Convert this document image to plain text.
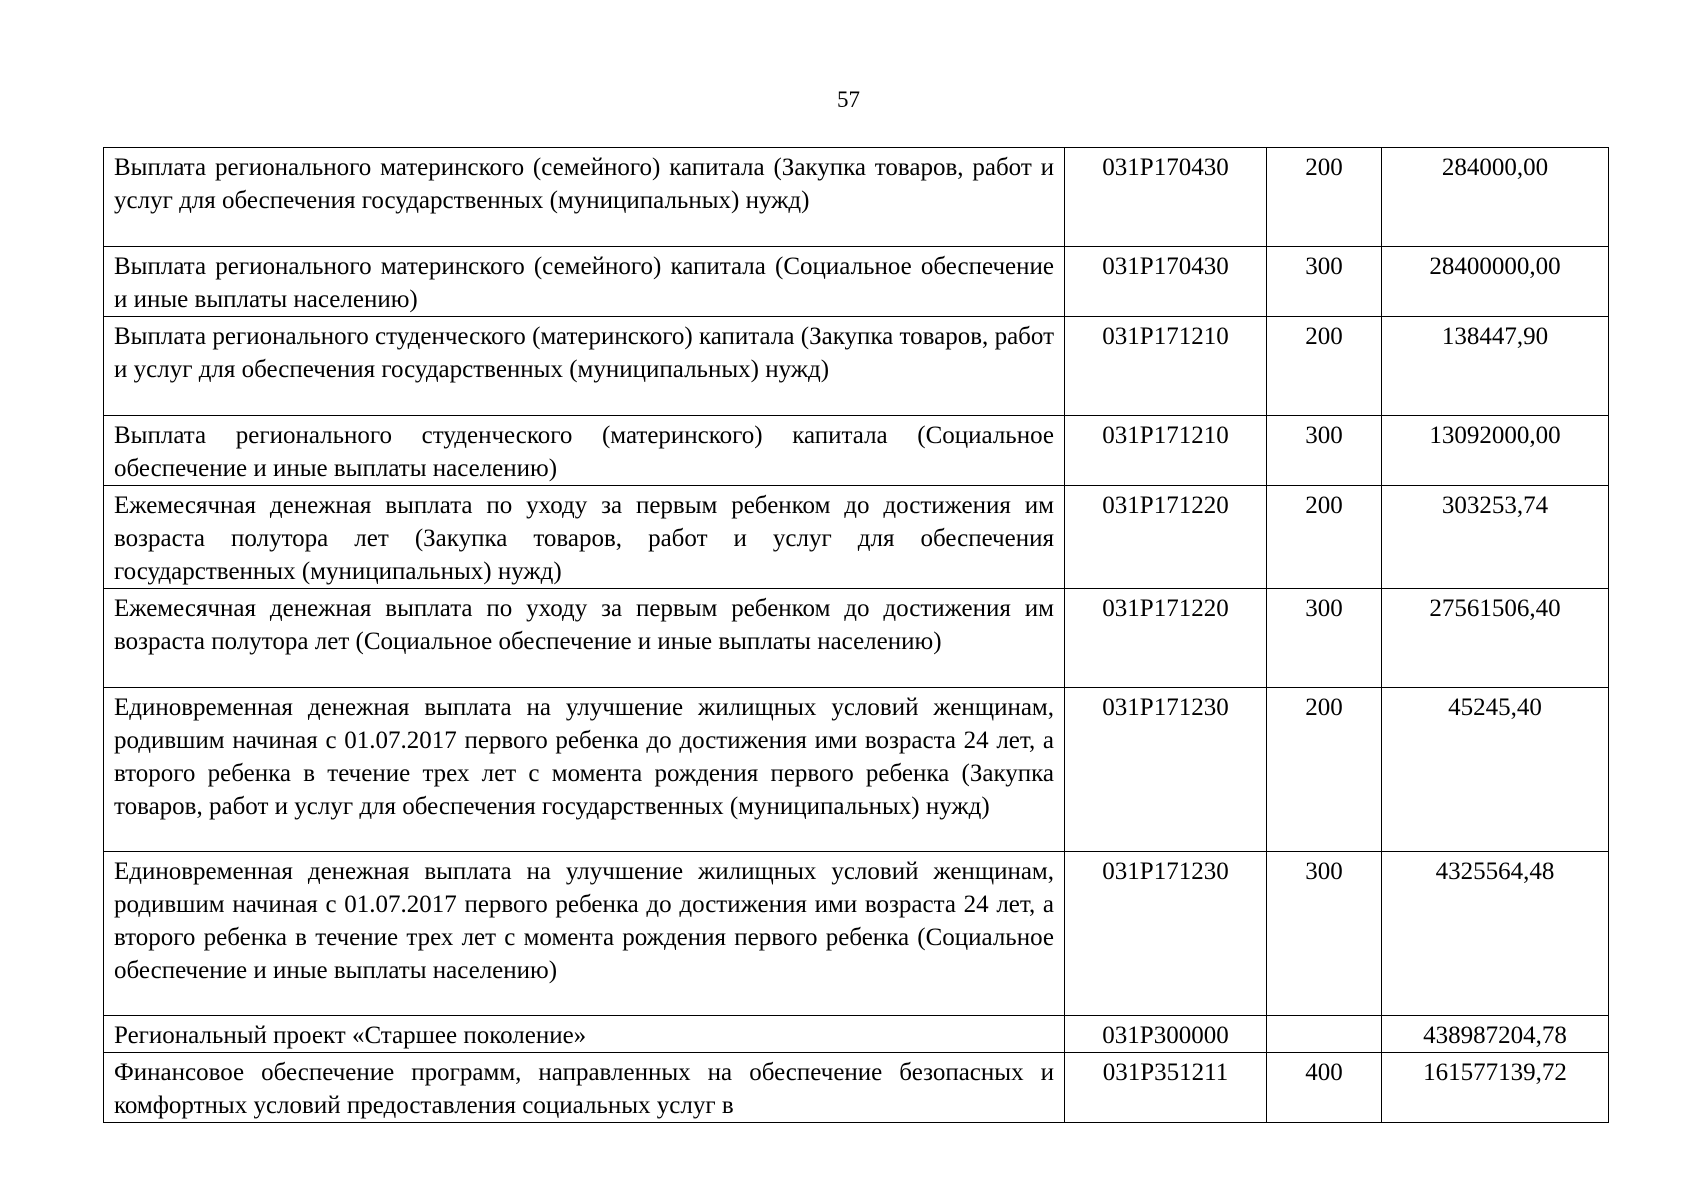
57
Выплата регионального материнского (семейного) капитала (Закупка товаров, работ и услуг для обеспечения государственных (муниципальных) нужд)	031P170430	200	284000,00
Выплата регионального материнского (семейного) капитала (Социальное обеспечение и иные выплаты населению)	031P170430	300	28400000,00
Выплата регионального студенческого (материнского) капитала (Закупка товаров, работ и услуг для обеспечения государственных (муниципальных) нужд)	031P171210	200	138447,90
Выплата регионального студенческого (материнского) капитала (Социальное обеспечение и иные выплаты населению)	031P171210	300	13092000,00
Ежемесячная денежная выплата по уходу за первым ребенком до достижения им возраста полутора лет (Закупка товаров, работ и услуг для обеспечения государственных (муниципальных) нужд)	031P171220	200	303253,74
Ежемесячная денежная выплата по уходу за первым ребенком до достижения им возраста полутора лет (Социальное обеспечение и иные выплаты населению)	031P171220	300	27561506,40
Единовременная денежная выплата на улучшение жилищных условий женщинам, родившим начиная с 01.07.2017 первого ребенка до достижения ими возраста 24 лет, а второго ребенка в течение трех лет с момента рождения первого ребенка (Закупка товаров, работ и услуг для обеспечения государственных (муниципальных) нужд)	031P171230	200	45245,40
Единовременная денежная выплата на улучшение жилищных условий женщинам, родившим начиная с 01.07.2017 первого ребенка до достижения ими возраста 24 лет, а второго ребенка в течение трех лет с момента рождения первого ребенка (Социальное обеспечение и иные выплаты населению)	031P171230	300	4325564,48
Региональный проект «Старшее поколение»	031P300000		438987204,78
Финансовое обеспечение программ, направленных на обеспечение безопасных и комфортных условий предоставления социальных услуг в	031P351211	400	161577139,72
